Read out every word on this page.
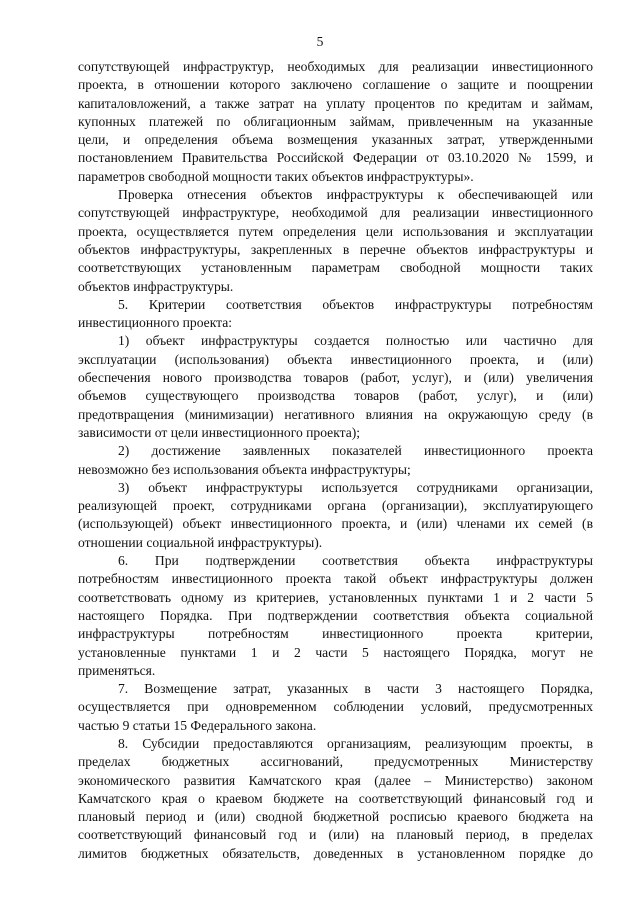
5

сопутствующей инфраструктур, необходимых для реализации инвестиционного
проекта, в отношении которого заключено соглашение о защите и поощрении
капиталовложений, а также затрат на уплату процентов по кредитам и займам,
купонных платежей по облигационным займам, привлеченным на указанные
цели, и определения объема возмещения указанных затрат, утвержденными
постановлением Правительства Российской Федерации от 03.10.2020 № 1599, и
параметров свободной мощности таких объектов инфраструктуры».

Проверка отнесения объектов инфраструктуры к обеспечивающей или
сопутствующей инфраструктуре, необходимой для реализации инвестиционного
проекта, осуществляется путем определения цели использования и эксплуатации
объектов инфраструктуры, закрепленных в перечне объектов инфраструктуры и
соответствующих установленным параметрам свободной мощности таких
объектов инфраструктуры.

5. Критерии соответствия объектов инфраструктуры потребностям
инвестиционного проекта:

1) объект инфраструктуры создается полностью или частично для
эксплуатации (использования) объекта инвестиционного проекта, и (или)
обеспечения нового производства товаров (работ, услуг), и (или) увеличения
объемов существующего производства товаров (работ, услуг), и (или)
предотвращения (минимизации) негативного влияния на окружающую среду (в
зависимости от цели инвестиционного проекта);

2) достижение заявленных показателей инвестиционного проекта
невозможно без использования объекта инфраструктуры;

3) объект инфраструктуры используется сотрудниками организации,
реализующей проект, сотрудниками органа (организации), эксплуатирующего
(использующей) объект инвестиционного проекта, и (или) членами их семей (в
отношении социальной инфраструктуры).

6. При подтверждении соответствия объекта инфраструктуры
потребностям инвестиционного проекта такой объект инфраструктуры должен
соответствовать одному из критериев, установленных пунктами 1 и 2 части 5
настоящего Порядка. При подтверждении соответствия объекта социальной
инфраструктуры потребностям инвестиционного проекта критерии,
установленные пунктами 1 и 2 части 5 настоящего Порядка, могут не
применяться.

7. Возмещение затрат, указанных в части 3 настоящего Порядка,
осуществляется при одновременном соблюдении условий, предусмотренных
частью 9 статьи 15 Федерального закона.

8. Субсидии предоставляются организациям, реализующим проекты, в
пределах бюджетных ассигнований, предусмотренных Министерству
экономического развития Камчатского края (далее – Министерство) законом
Камчатского края о краевом бюджете на соответствующий финансовый год и
плановый период и (или) сводной бюджетной росписью краевого бюджета на
соответствующий финансовый год и (или) на плановый период, в пределах
лимитов бюджетных обязательств, доведенных в установленном порядке до
